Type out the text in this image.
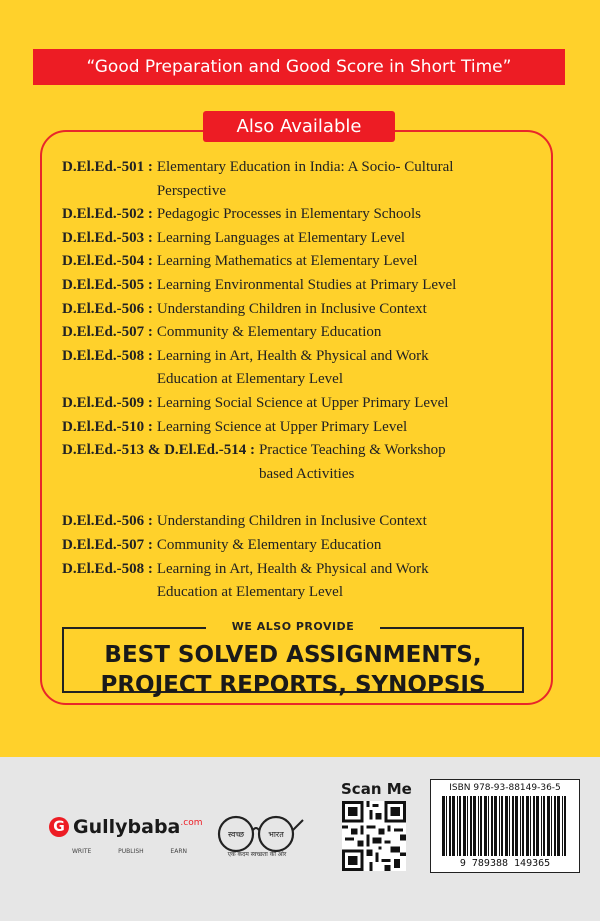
“Good Preparation and Good Score in Short Time”
Also Available
D.El.Ed.-501 : Elementary Education in India: A Socio- Cultural
Perspective
D.El.Ed.-502 : Pedagogic Processes in Elementary Schools
D.El.Ed.-503 : Learning Languages at Elementary Level
D.El.Ed.-504 : Learning Mathematics at Elementary Level
D.El.Ed.-505 : Learning Environmental Studies at Primary Level
D.El.Ed.-506 : Understanding Children in Inclusive Context
D.El.Ed.-507 : Community & Elementary Education
D.El.Ed.-508 : Learning in Art, Health & Physical and Work
Education at Elementary Level
D.El.Ed.-509 : Learning Social Science at Upper Primary Level
D.El.Ed.-510 : Learning Science at Upper Primary Level
D.El.Ed.-513 & D.El.Ed.-514 : Practice Teaching & Workshop
based Activities
D.El.Ed.-506 : Understanding Children in Inclusive Context
D.El.Ed.-507 : Community & Elementary Education
D.El.Ed.-508 : Learning in Art, Health & Physical and Work
Education at Elementary Level
WE ALSO PROVIDE
BEST SOLVED ASSIGNMENTS,
PROJECT REPORTS, SYNOPSIS
G Gullybaba .com
WRITE	PUBLISH	EARN
स्वच्छ	भारत
एक कदम स्वच्छता की ओर
Scan Me	ISBN 978-93-88149-36-5
9 789388 149365
